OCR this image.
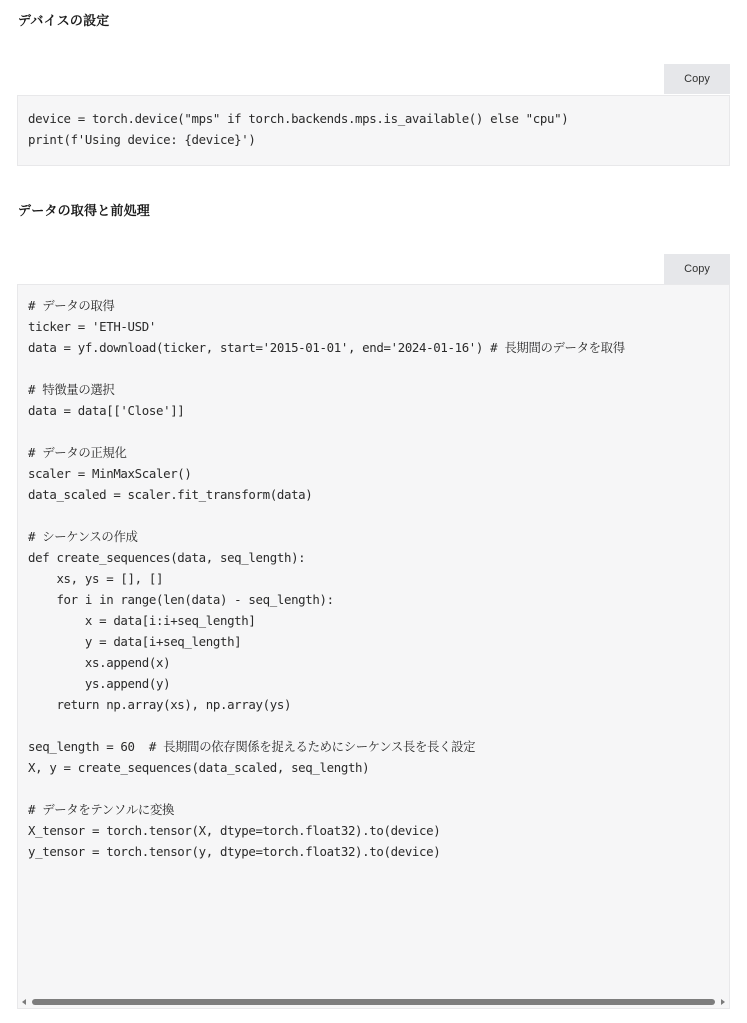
デバイスの設定
Copy
device = torch.device("mps" if torch.backends.mps.is_available() else "cpu")
print(f'Using device: {device}')
データの取得と前処理
Copy
# データの取得
ticker = 'ETH-USD'
data = yf.download(ticker, start='2015-01-01', end='2024-01-16') # 長期間のデータを取得
# 特徴量の選択
data = data[['Close']]
# データの正規化
scaler = MinMaxScaler()
data_scaled = scaler.fit_transform(data)
# シーケンスの作成
def create_sequences(data, seq_length):
xs, ys = [], []
for i in range(len(data) - seq_length):
x = data[i:i+seq_length]
y = data[i+seq_length]
xs.append(x)
ys.append(y)
return np.array(xs), np.array(ys)
seq_length = 60  # 長期間の依存関係を捉えるためにシーケンス長を長く設定
X, y = create_sequences(data_scaled, seq_length)
# データをテンソルに変換
X_tensor = torch.tensor(X, dtype=torch.float32).to(device)
y_tensor = torch.tensor(y, dtype=torch.float32).to(device)
